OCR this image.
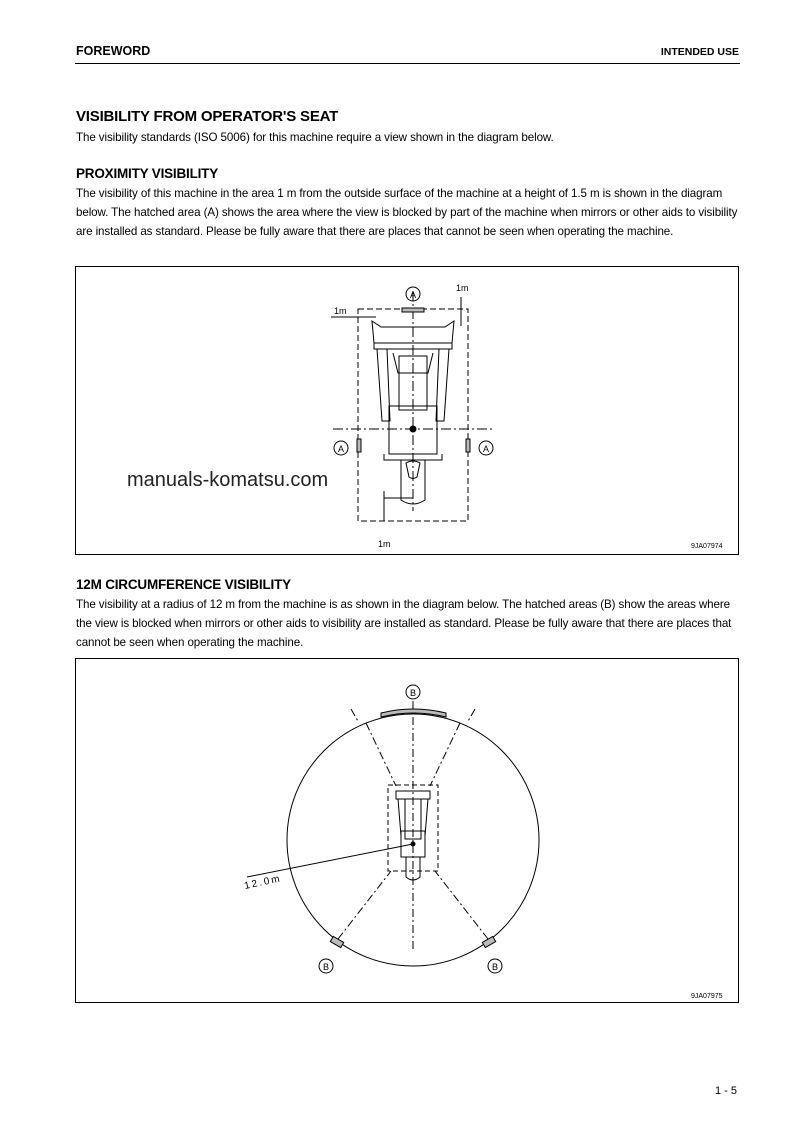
FOREWORD	INTENDED USE
VISIBILITY FROM OPERATOR'S SEAT

The visibility standards (ISO 5006) for this machine require a view shown in the diagram below.

PROXIMITY VISIBILITY

The visibility of this machine in the area 1 m from the outside surface of the machine at a height of 1.5 m is shown in the diagram below. The hatched area (A) shows the area where the view is blocked by part of the machine when mirrors or other aids to visibility are installed as standard. Please be fully aware that there are places that cannot be seen when operating the machine.

A
A	A
1m
1m
1m	9JA07974
manuals-komatsu.com
12M CIRCUMFERENCE VISIBILITY

The visibility at a radius of 12 m from the machine is as shown in the diagram below. The hatched areas (B) show the areas where the view is blocked when mirrors or other aids to visibility are installed as standard. Please be fully aware that there are places that cannot be seen when operating the machine.

B
B	B
12.0m
9JA07975
1 - 5
